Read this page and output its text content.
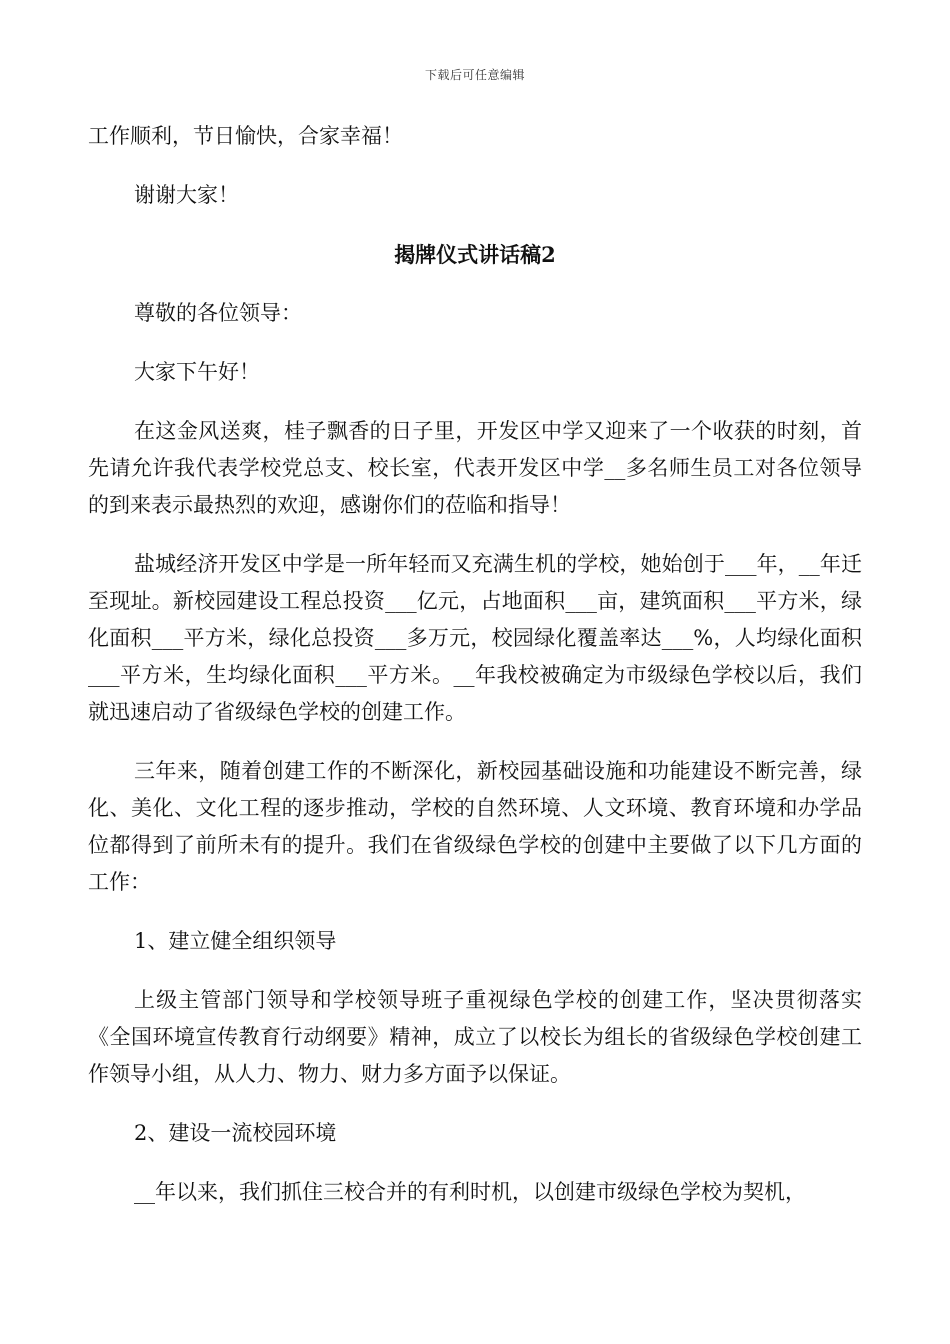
下载后可任意编辑

工作顺利，节日愉快，合家幸福！

谢谢大家！

揭牌仪式讲话稿2

尊敬的各位领导：

大家下午好！

在这金风送爽，桂子飘香的日子里，开发区中学又迎来了一个收获的时刻，首先请允许我代表学校党总支、校长室，代表开发区中学__多名师生员工对各位领导的到来表示最热烈的欢迎，感谢你们的莅临和指导！

盐城经济开发区中学是一所年轻而又充满生机的学校，她始创于___年，__年迁至现址。新校园建设工程总投资___亿元，占地面积___亩，建筑面积___平方米，绿化面积___平方米，绿化总投资___多万元，校园绿化覆盖率达___%，人均绿化面积___平方米，生均绿化面积___平方米。__年我校被确定为市级绿色学校以后，我们就迅速启动了省级绿色学校的创建工作。

三年来，随着创建工作的不断深化，新校园基础设施和功能建设不断完善，绿化、美化、文化工程的逐步推动，学校的自然环境、人文环境、教育环境和办学品位都得到了前所未有的提升。我们在省级绿色学校的创建中主要做了以下几方面的工作：

1、建立健全组织领导

上级主管部门领导和学校领导班子重视绿色学校的创建工作，坚决贯彻落实《全国环境宣传教育行动纲要》精神，成立了以校长为组长的省级绿色学校创建工作领导小组，从人力、物力、财力多方面予以保证。

2、建设一流校园环境

__年以来，我们抓住三校合并的有利时机，以创建市级绿色学校为契机，
